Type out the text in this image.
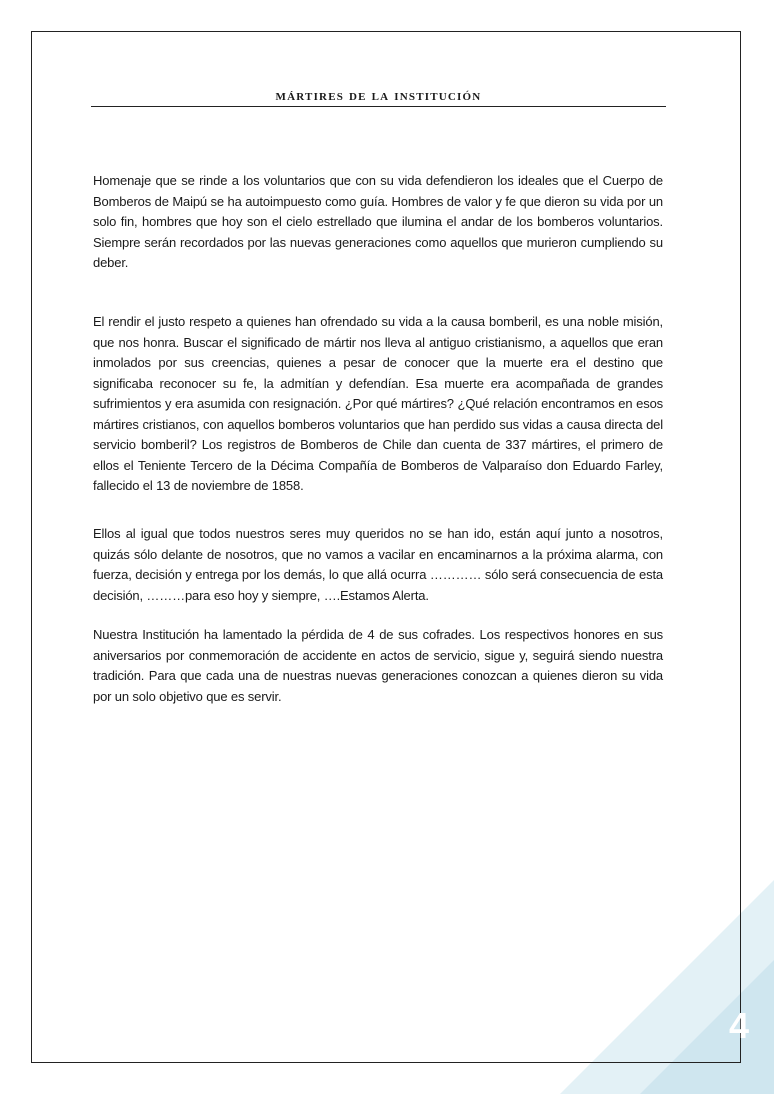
mártires de la institución

Homenaje que se rinde a los voluntarios que con su vida defendieron los ideales que el Cuerpo de Bomberos de Maipú se ha autoimpuesto como guía. Hombres de valor y fe que dieron su vida por un solo fin, hombres que hoy son el cielo estrellado que ilumina el andar de los bomberos voluntarios. Siempre serán recordados por las nuevas generaciones como aquellos que murieron cumpliendo su deber.

El rendir el justo respeto a quienes han ofrendado su vida a la causa bomberil, es una noble misión, que nos honra. Buscar el significado de mártir nos lleva al antiguo cristianismo, a aquellos que eran inmolados por sus creencias, quienes a pesar de conocer que la muerte era el destino que significaba reconocer su fe, la admitían y defendían. Esa muerte era acompañada de grandes sufrimientos y era asumida con resignación. ¿Por qué mártires? ¿Qué relación encontramos en esos mártires cristianos, con aquellos bomberos voluntarios que han perdido sus vidas a causa directa del servicio bomberil? Los registros de Bomberos de Chile dan cuenta de 337 mártires, el primero de ellos el Teniente Tercero de la Décima Compañía de Bomberos de Valparaíso don Eduardo Farley, fallecido el 13 de noviembre de 1858.

Ellos al igual que todos nuestros seres muy queridos no se han ido, están aquí junto a nosotros, quizás sólo delante de nosotros, que no vamos a vacilar en encaminarnos a la próxima alarma, con fuerza, decisión y entrega por los demás, lo que allá ocurra ………… sólo será consecuencia de esta decisión, ………para eso hoy y siempre, ….Estamos Alerta.

Nuestra Institución ha lamentado la pérdida de 4 de sus cofrades. Los respectivos honores en sus aniversarios por conmemoración de accidente en actos de servicio, sigue y, seguirá siendo nuestra tradición. Para que cada una de nuestras nuevas generaciones conozcan a quienes dieron su vida por un solo objetivo que es servir.

4
